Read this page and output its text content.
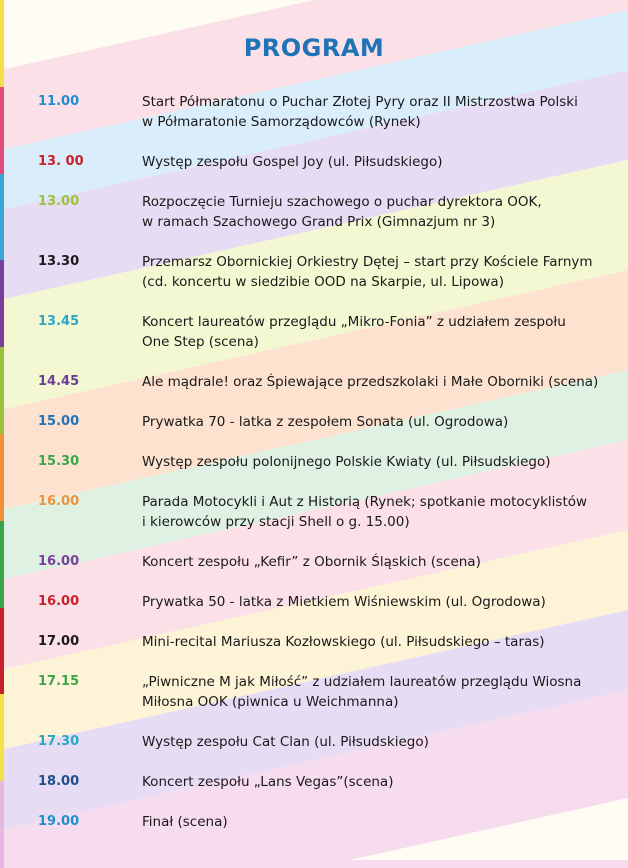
PROGRAM
11.00	Start Półmaratonu o Puchar Złotej Pyry oraz II Mistrzostwa Polski
w Półmaratonie Samorządowców (Rynek)
13. 00	Występ zespołu Gospel Joy (ul. Piłsudskiego)
13.00	Rozpoczęcie Turnieju szachowego o puchar dyrektora OOK,
w ramach Szachowego Grand Prix (Gimnazjum nr 3)
13.30	Przemarsz Obornickiej Orkiestry Dętej – start przy Kościele Farnym
(cd. koncertu w siedzibie OOD na Skarpie, ul. Lipowa)
13.45	Koncert laureatów przeglądu „Mikro-Fonia” z udziałem zespołu
One Step (scena)
14.45	Ale mądrale! oraz Śpiewające przedszkolaki i Małe Oborniki (scena)
15.00	Prywatka 70 - latka z zespołem Sonata (ul. Ogrodowa)
15.30	Występ zespołu polonijnego Polskie Kwiaty (ul. Piłsudskiego)
16.00	Parada Motocykli i Aut z Historią (Rynek; spotkanie motocyklistów
i kierowców przy stacji Shell o g. 15.00)
16.00	Koncert zespołu „Kefir” z Obornik Śląskich (scena)
16.00	Prywatka 50 - latka z Mietkiem Wiśniewskim (ul. Ogrodowa)
17.00	Mini-recital Mariusza Kozłowskiego (ul. Piłsudskiego – taras)
17.15	„Piwniczne M jak Miłość” z udziałem laureatów przeglądu Wiosna
Miłosna OOK (piwnica u Weichmanna)
17.30	Występ zespołu Cat Clan (ul. Piłsudskiego)
18.00	Koncert zespołu „Lans Vegas”(scena)
19.00	Finał (scena)
